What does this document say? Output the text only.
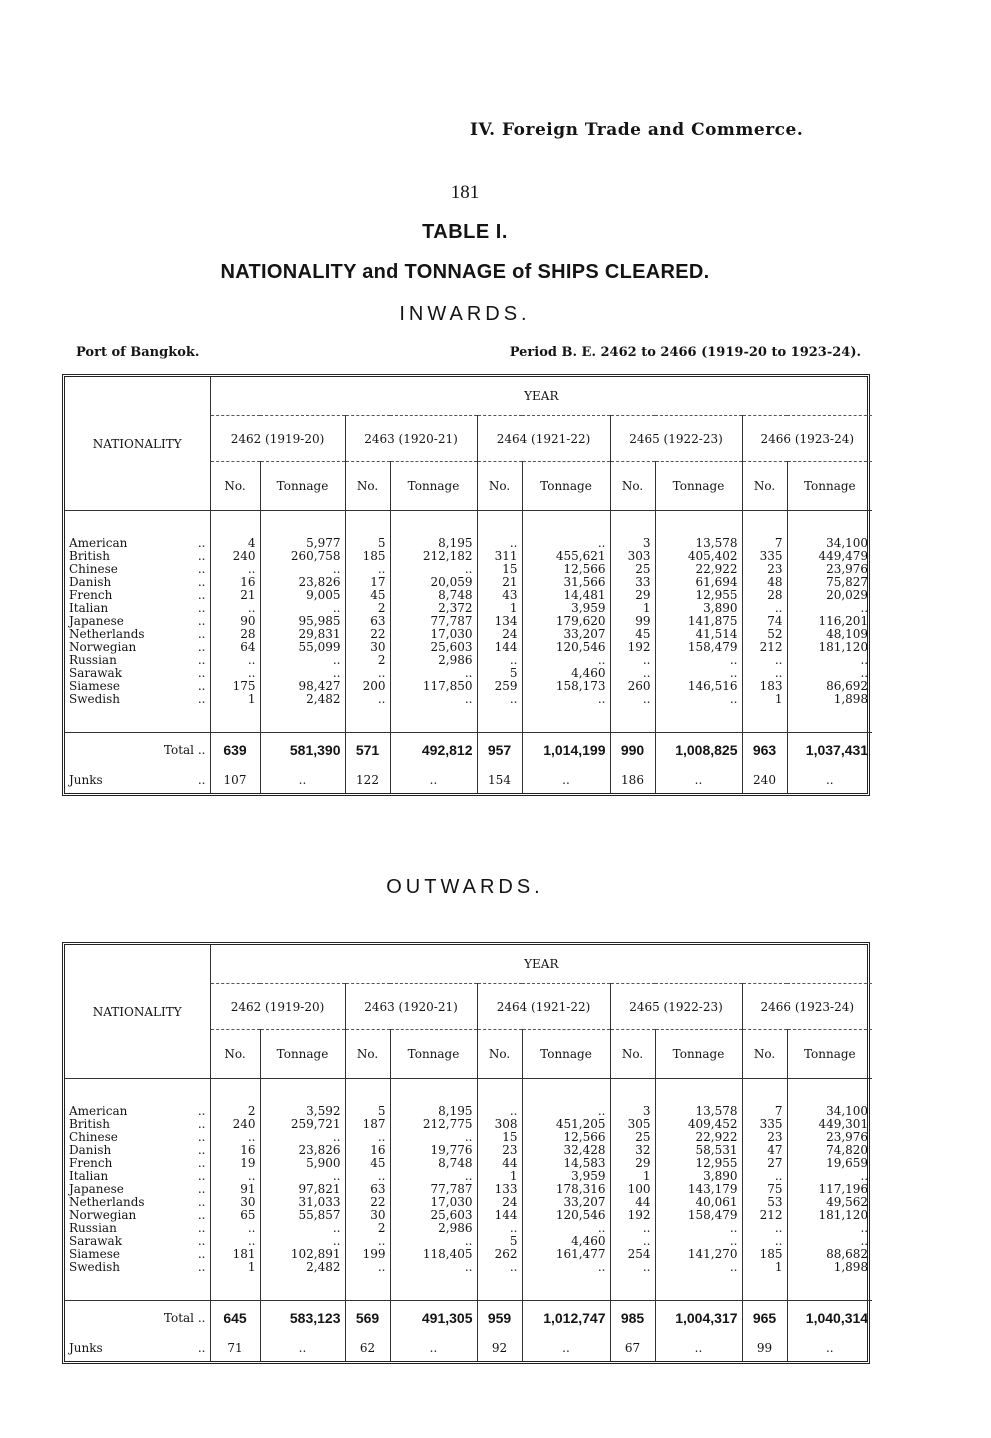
IV. Foreign Trade and Commerce.
181
TABLE I.
NATIONALITY and TONNAGE of SHIPS CLEARED.
INWARDS.
Port of Bangkok.	Period B. E. 2462 to 2466 (1919-20 to 1923-24).
NATIONALITY	YEAR									
	2462 (1919-20)		2463 (1920-21)		2464 (1921-22)		2465 (1922-23)		2466 (1923-24)	
	No.	Tonnage	No.	Tonnage	No.	Tonnage	No.	Tonnage	No.	Tonnage

American ..	4	5,977	5	8,195	..	..	3	13,578	7	34,100
British ..	240	260,758	185	212,182	311	455,621	303	405,402	335	449,479
Chinese ..	..	..	..	..	15	12,566	25	22,922	23	23,976
Danish ..	16	23,826	17	20,059	21	31,566	33	61,694	48	75,827
French ..	21	9,005	45	8,748	43	14,481	29	12,955	28	20,029
Italian ..	..	..	2	2,372	1	3,959	1	3,890	..	..
Japanese ..	90	95,985	63	77,787	134	179,620	99	141,875	74	116,201
Netherlands ..	28	29,831	22	17,030	24	33,207	45	41,514	52	48,109
Norwegian ..	64	55,099	30	25,603	144	120,546	192	158,479	212	181,120
Russian ..	..	..	2	2,986	..	..	..	..	..	..
Sarawak ..	..	..	..	..	5	4,460	..	..	..	..
Siamese ..	175	98,427	200	117,850	259	158,173	260	146,516	183	86,692
Swedish ..	1	2,482	..	..	..	..	..	..	1	1,898

Total ..	639	581,390	571	492,812	957	1,014,199	990	1,008,825	963	1,037,431
Junks ..	107	..	122	..	154	..	186	..	240	..
OUTWARDS.
NATIONALITY	YEAR									
	2462 (1919-20)		2463 (1920-21)		2464 (1921-22)		2465 (1922-23)		2466 (1923-24)	
	No.	Tonnage	No.	Tonnage	No.	Tonnage	No.	Tonnage	No.	Tonnage

American ..	2	3,592	5	8,195	..	..	3	13,578	7	34,100
British ..	240	259,721	187	212,775	308	451,205	305	409,452	335	449,301
Chinese ..	..	..	..	..	15	12,566	25	22,922	23	23,976
Danish ..	16	23,826	16	19,776	23	32,428	32	58,531	47	74,820
French ..	19	5,900	45	8,748	44	14,583	29	12,955	27	19,659
Italian ..	..	..	..	..	1	3,959	1	3,890	..	..
Japanese ..	91	97,821	63	77,787	133	178,316	100	143,179	75	117,196
Netherlands ..	30	31,033	22	17,030	24	33,207	44	40,061	53	49,562
Norwegian ..	65	55,857	30	25,603	144	120,546	192	158,479	212	181,120
Russian ..	..	..	2	2,986	..	..	..	..	..	..
Sarawak ..	..	..	..	..	5	4,460	..	..	..	..
Siamese ..	181	102,891	199	118,405	262	161,477	254	141,270	185	88,682
Swedish ..	1	2,482	..	..	..	..	..	..	1	1,898

Total ..	645	583,123	569	491,305	959	1,012,747	985	1,004,317	965	1,040,314
Junks ..	71	..	62	..	92	..	67	..	99	..
